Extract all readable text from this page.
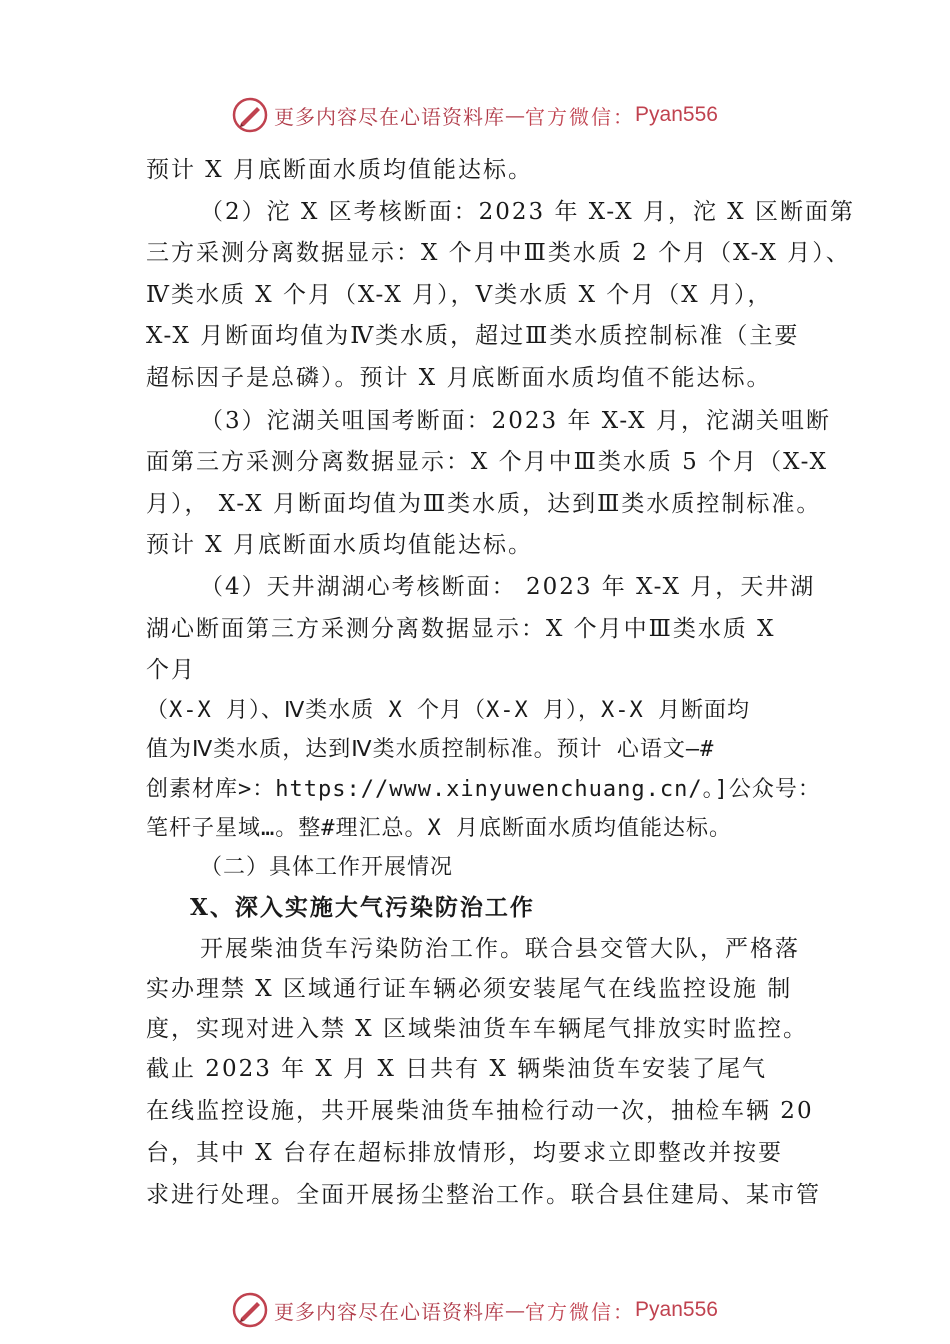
更多内容尽在心语资料库 — 官方微信： Pyan556
预计 X 月底断面水质均值能达标。
（2）沱 X 区考核断面：2023 年 X-X 月，沱 X 区断面第
三方采测分离数据显示：X 个月中Ⅲ类水质 2 个月（X-X 月）、
Ⅳ类水质 X 个月（X-X 月），Ⅴ类水质 X 个月（X 月），
X-X 月断面均值为Ⅳ类水质，超过Ⅲ类水质控制标准（主要
超标因子是总磷）。预计 X 月底断面水质均值不能达标。
（3）沱湖关咀国考断面：2023 年 X-X 月，沱湖关咀断
面第三方采测分离数据显示：X 个月中Ⅲ类水质 5 个月（X-X
月）， X-X 月断面均值为Ⅲ类水质，达到Ⅲ类水质控制标准。
预计 X 月底断面水质均值能达标。
（4）天井湖湖心考核断面： 2023 年 X-X 月，天井湖
湖心断面第三方采测分离数据显示：X 个月中Ⅲ类水质 X
个月
（X-X 月）、Ⅳ类水质 X 个月（X-X 月），X-X 月断面均
值为Ⅳ类水质，达到Ⅳ类水质控制标准。预计 心语文—#
创素材库>：https://www.xinyuwenchuang.cn/。]公众号：
笔杆子星域…。整#理汇总。X 月底断面水质均值能达标。
（二）具体工作开展情况
X、深入实施大气污染防治工作
开展柴油货车污染防治工作。联合县交管大队，严格落
实办理禁 X 区域通行证车辆必须安装尾气在线监控设施 制
度，实现对进入禁 X 区域柴油货车车辆尾气排放实时监控。
截止 2023 年 X 月 X 日共有 X 辆柴油货车安装了尾气
在线监控设施，共开展柴油货车抽检行动一次，抽检车辆 20
台，其中 X 台存在超标排放情形，均要求立即整改并按要
求进行处理。全面开展扬尘整治工作。联合县住建局、某市管
更多内容尽在心语资料库 — 官方微信： Pyan556
